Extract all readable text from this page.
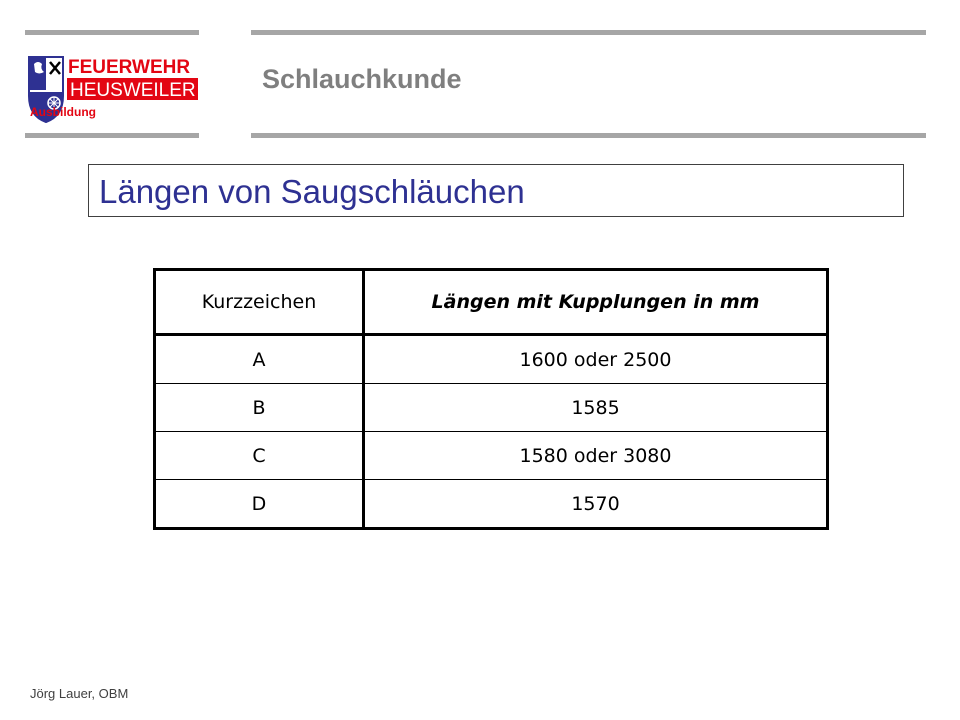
FEUERWEHR
HEUSWEILER
Ausbildung
Schlauchkunde
Längen von Saugschläuchen
Kurzzeichen	Längen mit Kupplungen in mm
A	1600 oder 2500
B	1585
C	1580 oder 3080
D	1570
Jörg Lauer, OBM
